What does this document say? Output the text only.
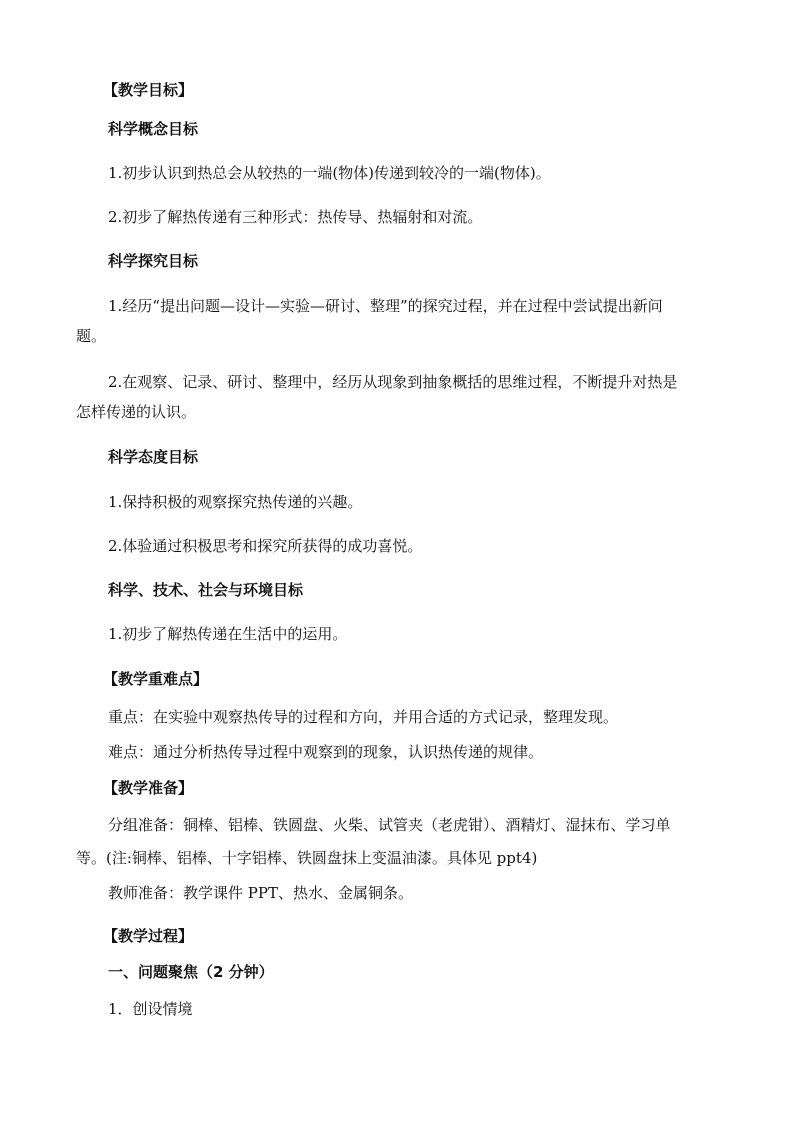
【教学目标】
科学概念目标
1.初步认识到热总会从较热的一端(物体)传递到较冷的一端(物体)。
2.初步了解热传递有三种形式：热传导、热辐射和对流。
科学探究目标
1.经历“提出问题—设计—实验—研讨、整理”的探究过程，并在过程中尝试提出新问
题。
2.在观察、记录、研讨、整理中，经历从现象到抽象概括的思维过程，不断提升对热是
怎样传递的认识。
科学态度目标
1.保持积极的观察探究热传递的兴趣。
2.体验通过积极思考和探究所获得的成功喜悦。
科学、技术、社会与环境目标
1.初步了解热传递在生活中的运用。
【教学重难点】
重点：在实验中观察热传导的过程和方向，并用合适的方式记录，整理发现。
难点：通过分析热传导过程中观察到的现象，认识热传递的规律。
【教学准备】
分组准备：铜棒、铝棒、铁圆盘、火柴、试管夹（老虎钳）、酒精灯、湿抹布、学习单
等。(注:铜棒、铝棒、十字铝棒、铁圆盘抹上变温油漆。具体见 ppt4)
教师准备：教学课件 PPT、热水、金属铜条。
【教学过程】
一、问题聚焦（2 分钟）
1．创设情境
